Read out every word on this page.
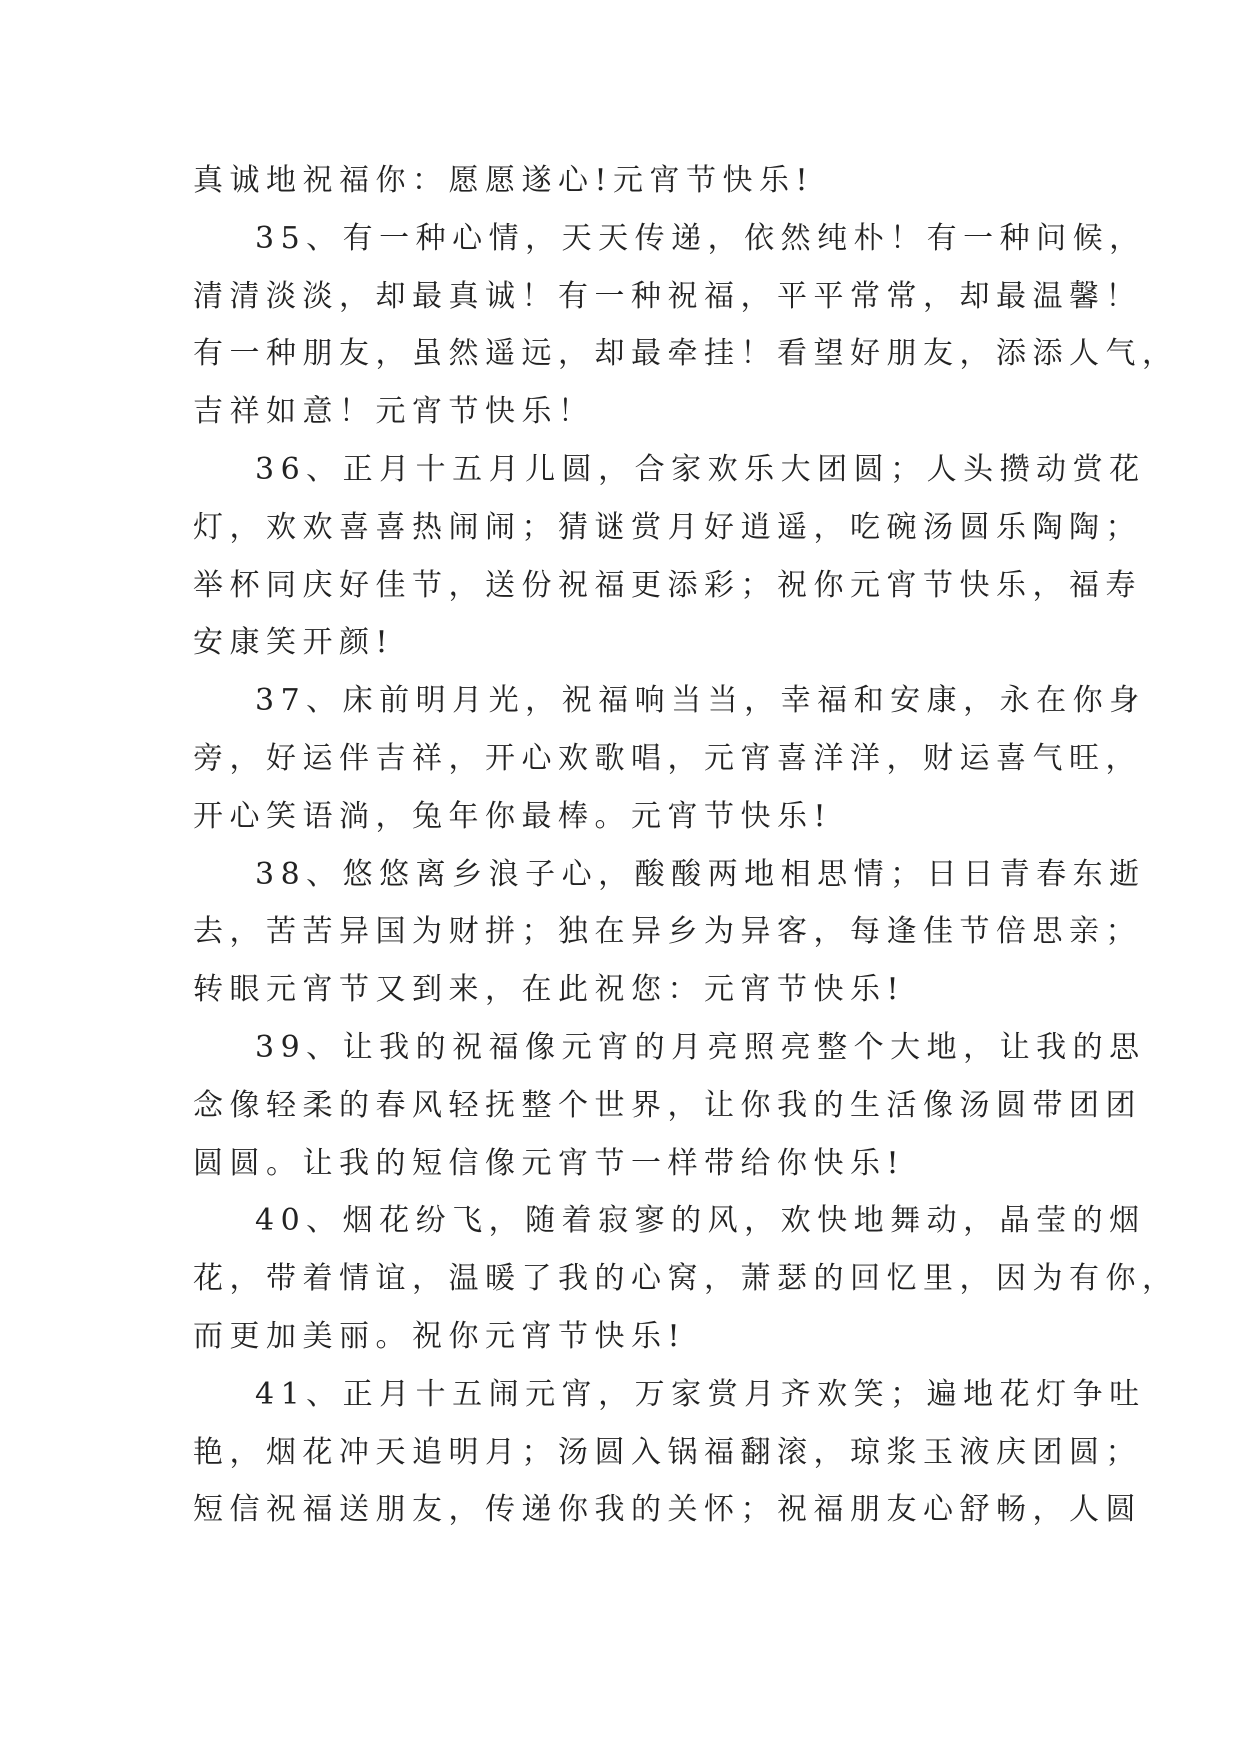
真诚地祝福你：愿愿遂心!元宵节快乐!

35、有一种心情，天天传递，依然纯朴！有一种问候，
清清淡淡，却最真诚！有一种祝福，平平常常，却最温馨！
有一种朋友，虽然遥远，却最牵挂！看望好朋友，添添人气，
吉祥如意！元宵节快乐！

36、正月十五月儿圆，合家欢乐大团圆；人头攒动赏花
灯，欢欢喜喜热闹闹；猜谜赏月好逍遥，吃碗汤圆乐陶陶；
举杯同庆好佳节，送份祝福更添彩；祝你元宵节快乐，福寿
安康笑开颜!

37、床前明月光，祝福响当当，幸福和安康，永在你身
旁，好运伴吉祥，开心欢歌唱，元宵喜洋洋，财运喜气旺，
开心笑语淌，兔年你最棒。元宵节快乐!

38、悠悠离乡浪子心，酸酸两地相思情；日日青春东逝
去，苦苦异国为财拼；独在异乡为异客，每逢佳节倍思亲；
转眼元宵节又到来，在此祝您：元宵节快乐!

39、让我的祝福像元宵的月亮照亮整个大地，让我的思
念像轻柔的春风轻抚整个世界，让你我的生活像汤圆带团团
圆圆。让我的短信像元宵节一样带给你快乐!

40、烟花纷飞，随着寂寥的风，欢快地舞动，晶莹的烟
花，带着情谊，温暖了我的心窝，萧瑟的回忆里，因为有你，
而更加美丽。祝你元宵节快乐!

41、正月十五闹元宵，万家赏月齐欢笑；遍地花灯争吐
艳，烟花冲天追明月；汤圆入锅福翻滚，琼浆玉液庆团圆；
短信祝福送朋友，传递你我的关怀；祝福朋友心舒畅，人圆
